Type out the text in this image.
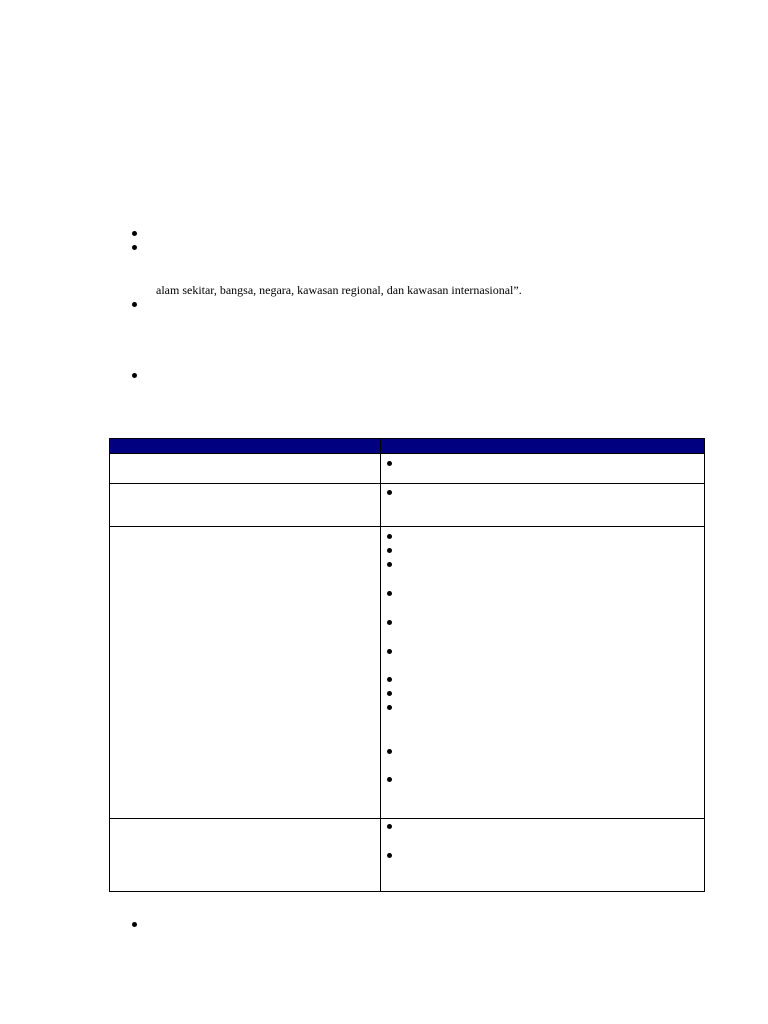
alam sekitar, bangsa, negara, kawasan regional, dan kawasan internasional”.
